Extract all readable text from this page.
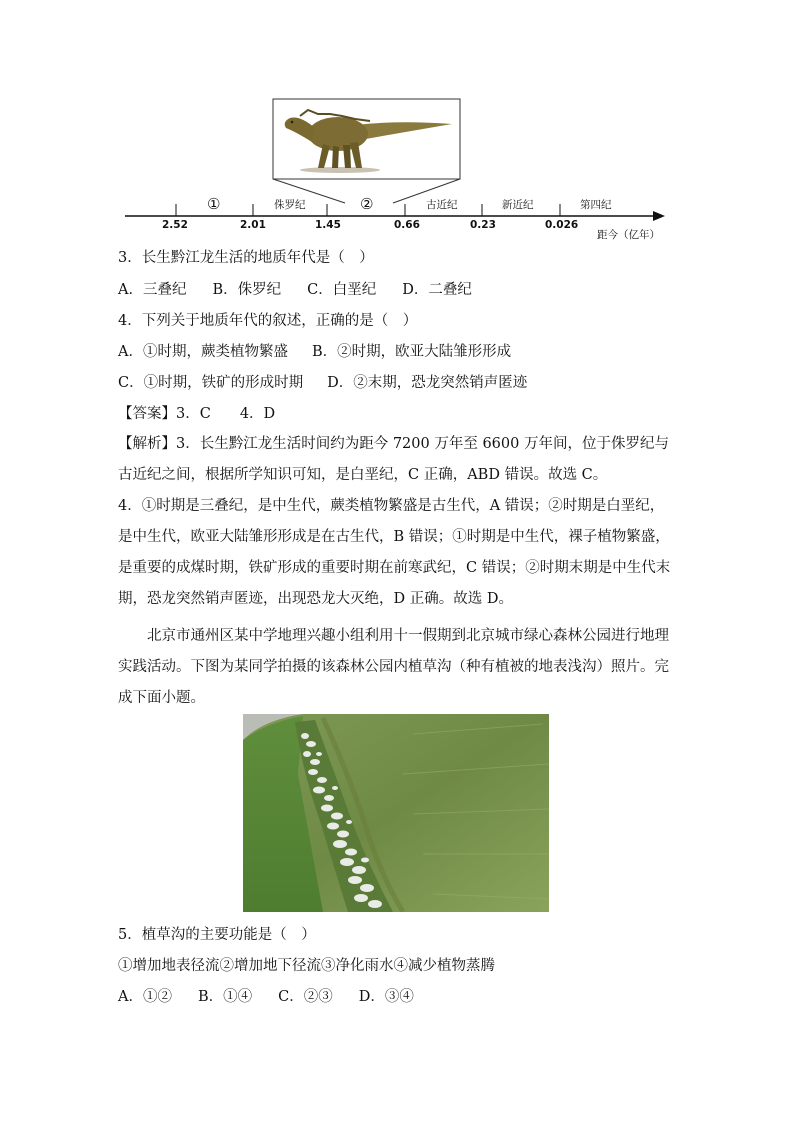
①	②
侏罗纪	古近纪	新近纪	第四纪
2.52	2.01	1.45	0.66	0.23	0.026
距今（亿年）
3．长生黔江龙生活的地质年代是（　）
A．三叠纪 B．侏罗纪 C．白垩纪 D．二叠纪
4．下列关于地质年代的叙述，正确的是（　）
A．①时期，蕨类植物繁盛 B．②时期，欧亚大陆雏形形成
C．①时期，铁矿的形成时期 D．②末期，恐龙突然销声匿迹
【答案】3．C　　4．D
【解析】3．长生黔江龙生活时间约为距今 7200 万年至 6600 万年间，位于侏罗纪与古近纪之间，根据所学知识可知，是白垩纪，C 正确，ABD 错误。故选 C。
4．①时期是三叠纪，是中生代，蕨类植物繁盛是古生代，A 错误；②时期是白垩纪，是中生代，欧亚大陆雏形形成是在古生代，B 错误；①时期是中生代，裸子植物繁盛，是重要的成煤时期，铁矿形成的重要时期在前寒武纪，C 错误；②时期末期是中生代末期，恐龙突然销声匿迹，出现恐龙大灭绝，D 正确。故选 D。
北京市通州区某中学地理兴趣小组利用十一假期到北京城市绿心森林公园进行地理实践活动。下图为某同学拍摄的该森林公园内植草沟（种有植被的地表浅沟）照片。完成下面小题。
5．植草沟的主要功能是（　）
①增加地表径流②增加地下径流③净化雨水④减少植物蒸腾
A．①② B．①④ C．②③ D．③④
